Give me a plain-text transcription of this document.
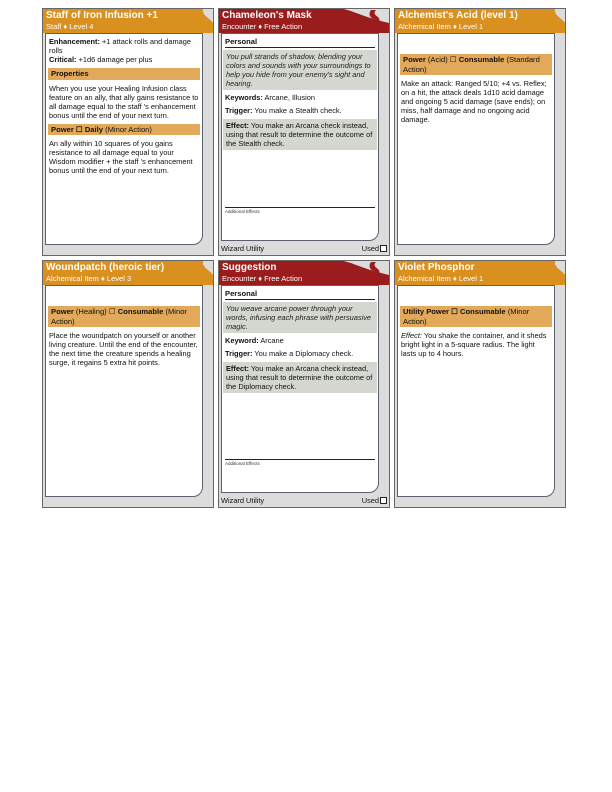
Staff of Iron Infusion +1
Staff ♦ Level 4
Enhancement: +1 attack rolls and damage rolls
Critical: +1d6 damage per plus
Properties
When you use your Healing Infusion class feature on an ally, that ally gains resistance to all damage equal to the staff 's enhancement bonus until the end of your next turn.
Power ☐ Daily (Minor Action)
An ally within 10 squares of you gains resistance to all damage equal to your Wisdom modifier + the staff 's enhancement bonus until the end of your next turn.
Chameleon's Mask
Encounter ♦ Free Action
Personal
You pull strands of shadow, blending your colors and sounds with your surroundings to help you hide from your enemy's sight and hearing.
Keywords: Arcane, Illusion
Trigger: You make a Stealth check.
Effect: You make an Arcana check instead, using that result to determine the outcome of the Stealth check.
Additional Effects
Wizard Utility	Used
Alchemist's Acid (level 1)
Alchemical Item ♦ Level 1
Power (Acid) ☐ Consumable (Standard Action)
Make an attack: Ranged 5/10; +4 vs. Reflex; on a hit, the attack deals 1d10 acid damage and ongoing 5 acid damage (save ends); on miss, half damage and no ongoing acid damage.
Woundpatch (heroic tier)
Alchemical Item ♦ Level 3
Power (Healing) ☐ Consumable (Minor Action)
Place the woundpatch on yourself or another living creature. Until the end of the encounter, the next time the creature spends a healing surge, it regains 5 extra hit points.
Suggestion
Encounter ♦ Free Action
Personal
You weave arcane power through your words, infusing each phrase with persuasive magic.
Keyword: Arcane
Trigger: You make a Diplomacy check.
Effect: You make an Arcana check instead, using that result to determine the outcome of the Diplomacy check.
Additional Effects
Wizard Utility	Used
Violet Phosphor
Alchemical Item ♦ Level 1
Utility Power ☐ Consumable (Minor Action)
Effect: You shake the container, and it sheds bright light in a 5-square radius. The light lasts up to 4 hours.
